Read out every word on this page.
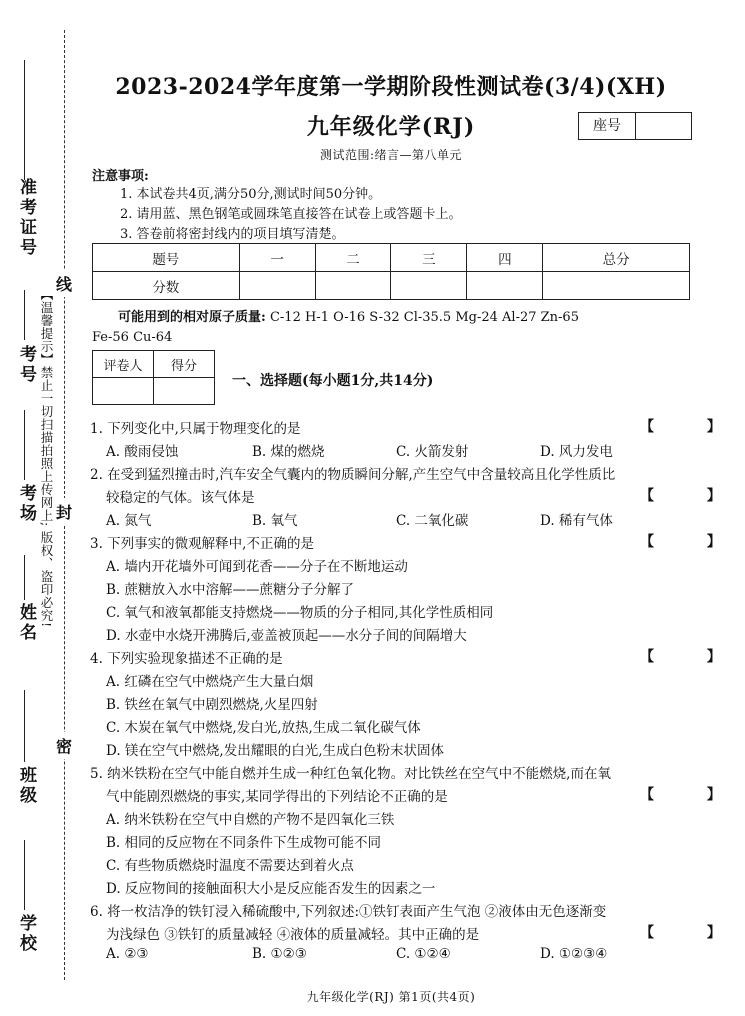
准考证号
考号
考场
姓名
班级
学校
【温馨提示】禁止一切扫描拍照上传网上; 版权、盗印必究!
线
封
密
2023-2024学年度第一学期阶段性测试卷(3/4)(XH)
九年级化学(RJ)	座号
测试范围:绪言—第八单元
注意事项:
1. 本试卷共4页,满分50分,测试时间50分钟。
2. 请用蓝、黑色钢笔或圆珠笔直接答在试卷上或答题卡上。
3. 答卷前将密封线内的项目填写清楚。
题号	一	二	三	四	总分
分数					
可能用到的相对原子质量: C-12 H-1 O-16 S-32 Cl-35.5 Mg-24 Al-27 Zn-65
Fe-56 Cu-64
评卷人	得分

一、选择题(每小题1分,共14分)
1. 下列变化中,只属于物理变化的是	【 】
A. 酸雨侵蚀	B. 煤的燃烧	C. 火箭发射	D. 风力发电
2. 在受到猛烈撞击时,汽车安全气囊内的物质瞬间分解,产生空气中含量较高且化学性质比
较稳定的气体。该气体是	【 】
A. 氮气	B. 氧气	C. 二氧化碳	D. 稀有气体
3. 下列事实的微观解释中,不正确的是	【 】
A. 墙内开花墙外可闻到花香——分子在不断地运动
B. 蔗糖放入水中溶解——蔗糖分子分解了
C. 氧气和液氧都能支持燃烧——物质的分子相同,其化学性质相同
D. 水壶中水烧开沸腾后,壶盖被顶起——水分子间的间隔增大
4. 下列实验现象描述不正确的是	【 】
A. 红磷在空气中燃烧产生大量白烟
B. 铁丝在氧气中剧烈燃烧,火星四射
C. 木炭在氧气中燃烧,发白光,放热,生成二氧化碳气体
D. 镁在空气中燃烧,发出耀眼的白光,生成白色粉末状固体
5. 纳米铁粉在空气中能自燃并生成一种红色氧化物。对比铁丝在空气中不能燃烧,而在氧
气中能剧烈燃烧的事实,某同学得出的下列结论不正确的是	【 】
A. 纳米铁粉在空气中自燃的产物不是四氧化三铁
B. 相同的反应物在不同条件下生成物可能不同
C. 有些物质燃烧时温度不需要达到着火点
D. 反应物间的接触面积大小是反应能否发生的因素之一
6. 将一枚洁净的铁钉浸入稀硫酸中,下列叙述:①铁钉表面产生气泡 ②液体由无色逐渐变
为浅绿色 ③铁钉的质量减轻 ④液体的质量减轻。其中正确的是	【 】
A. ②③	B. ①②③	C. ①②④	D. ①②③④
九年级化学(RJ) 第1页(共4页)
